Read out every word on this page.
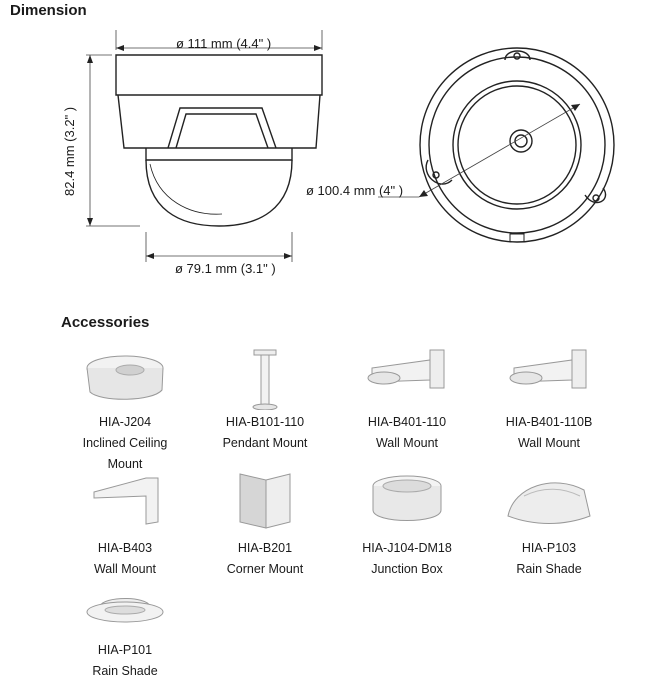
Dimension
ø 111 mm (4.4" )
82.4 mm (3.2" )
ø 79.1 mm (3.1" )
ø 100.4 mm (4" )
Accessories
HIA-J204
Inclined Ceiling
Mount
HIA-B101-110
Pendant Mount
HIA-B401-110
Wall Mount
HIA-B401-110B
Wall Mount
HIA-B403
Wall Mount
HIA-B201
Corner Mount
HIA-J104-DM18
Junction Box
HIA-P103
Rain Shade
HIA-P101
Rain Shade
